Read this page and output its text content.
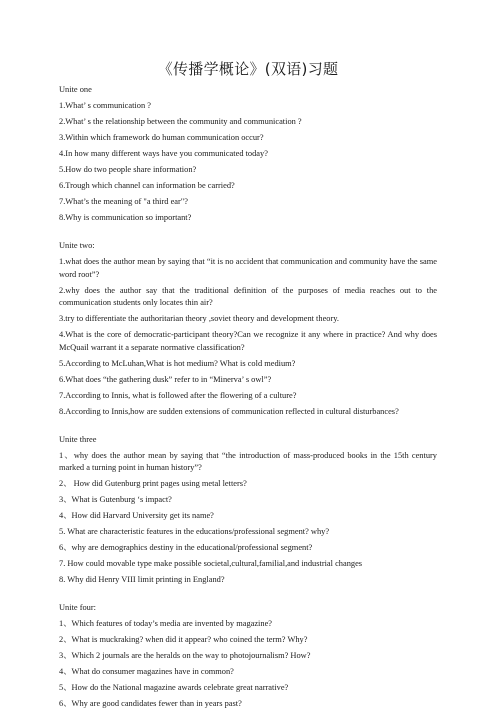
《传播学概论》(双语)习题

Unite one

1.What’ s communication ?

2.What’ s the relationship between the community and communication ?

3.Within which framework do human communication occur?

4.In how many different ways have you communicated today?

5.How do two people share information?

6.Trough which channel can information be carried?

7.What’s the meaning of "a third ear"?

8.Why is communication so important?

Unite two:

1.what does the author mean by saying that “it is no accident that communication and community have the same word root”?

2.why does the author say that the traditional definition of the purposes of media reaches out to the communication students only locates thin air?

3.try to differentiate the authoritarian theory ,soviet theory and development theory.

4.What is the core of democratic-participant theory?Can we recognize it any where in practice? And why does McQuail warrant it a separate normative classification?

5.According to McLuhan,What is hot medium? What is cold medium?

6.What does “the gathering dusk” refer to in “Minerva’ s owl”?

7.According to Innis, what is followed after the flowering of a culture?

8.According to Innis,how are sudden extensions of communication reflected in cultural disturbances?

Unite three

1、why does the author mean by saying that “the introduction of mass-produced books in the 15th century marked a turning point in human history”?

2、 How did Gutenburg print pages using metal letters?

3、What is Gutenburg ‘s impact?

4、How did Harvard University get its name?

5. What are characteristic features in the educations/professional segment? why?

6、why are demographics destiny in the educational/professional segment?

7. How could movable type make possible societal,cultural,familial,and industrial changes

8. Why did Henry VIII limit printing in England?

Unite four:

1、Which features of today’s media are invented by magazine?

2、What is muckraking? when did it appear? who coined the term? Why?

3、Which 2 journals are the heralds on the way to photojournalism? How?

4、What do consumer magazines have in common?

5、How do the National magazine awards celebrate great narrative?

6、Why are good candidates fewer than in years past?
